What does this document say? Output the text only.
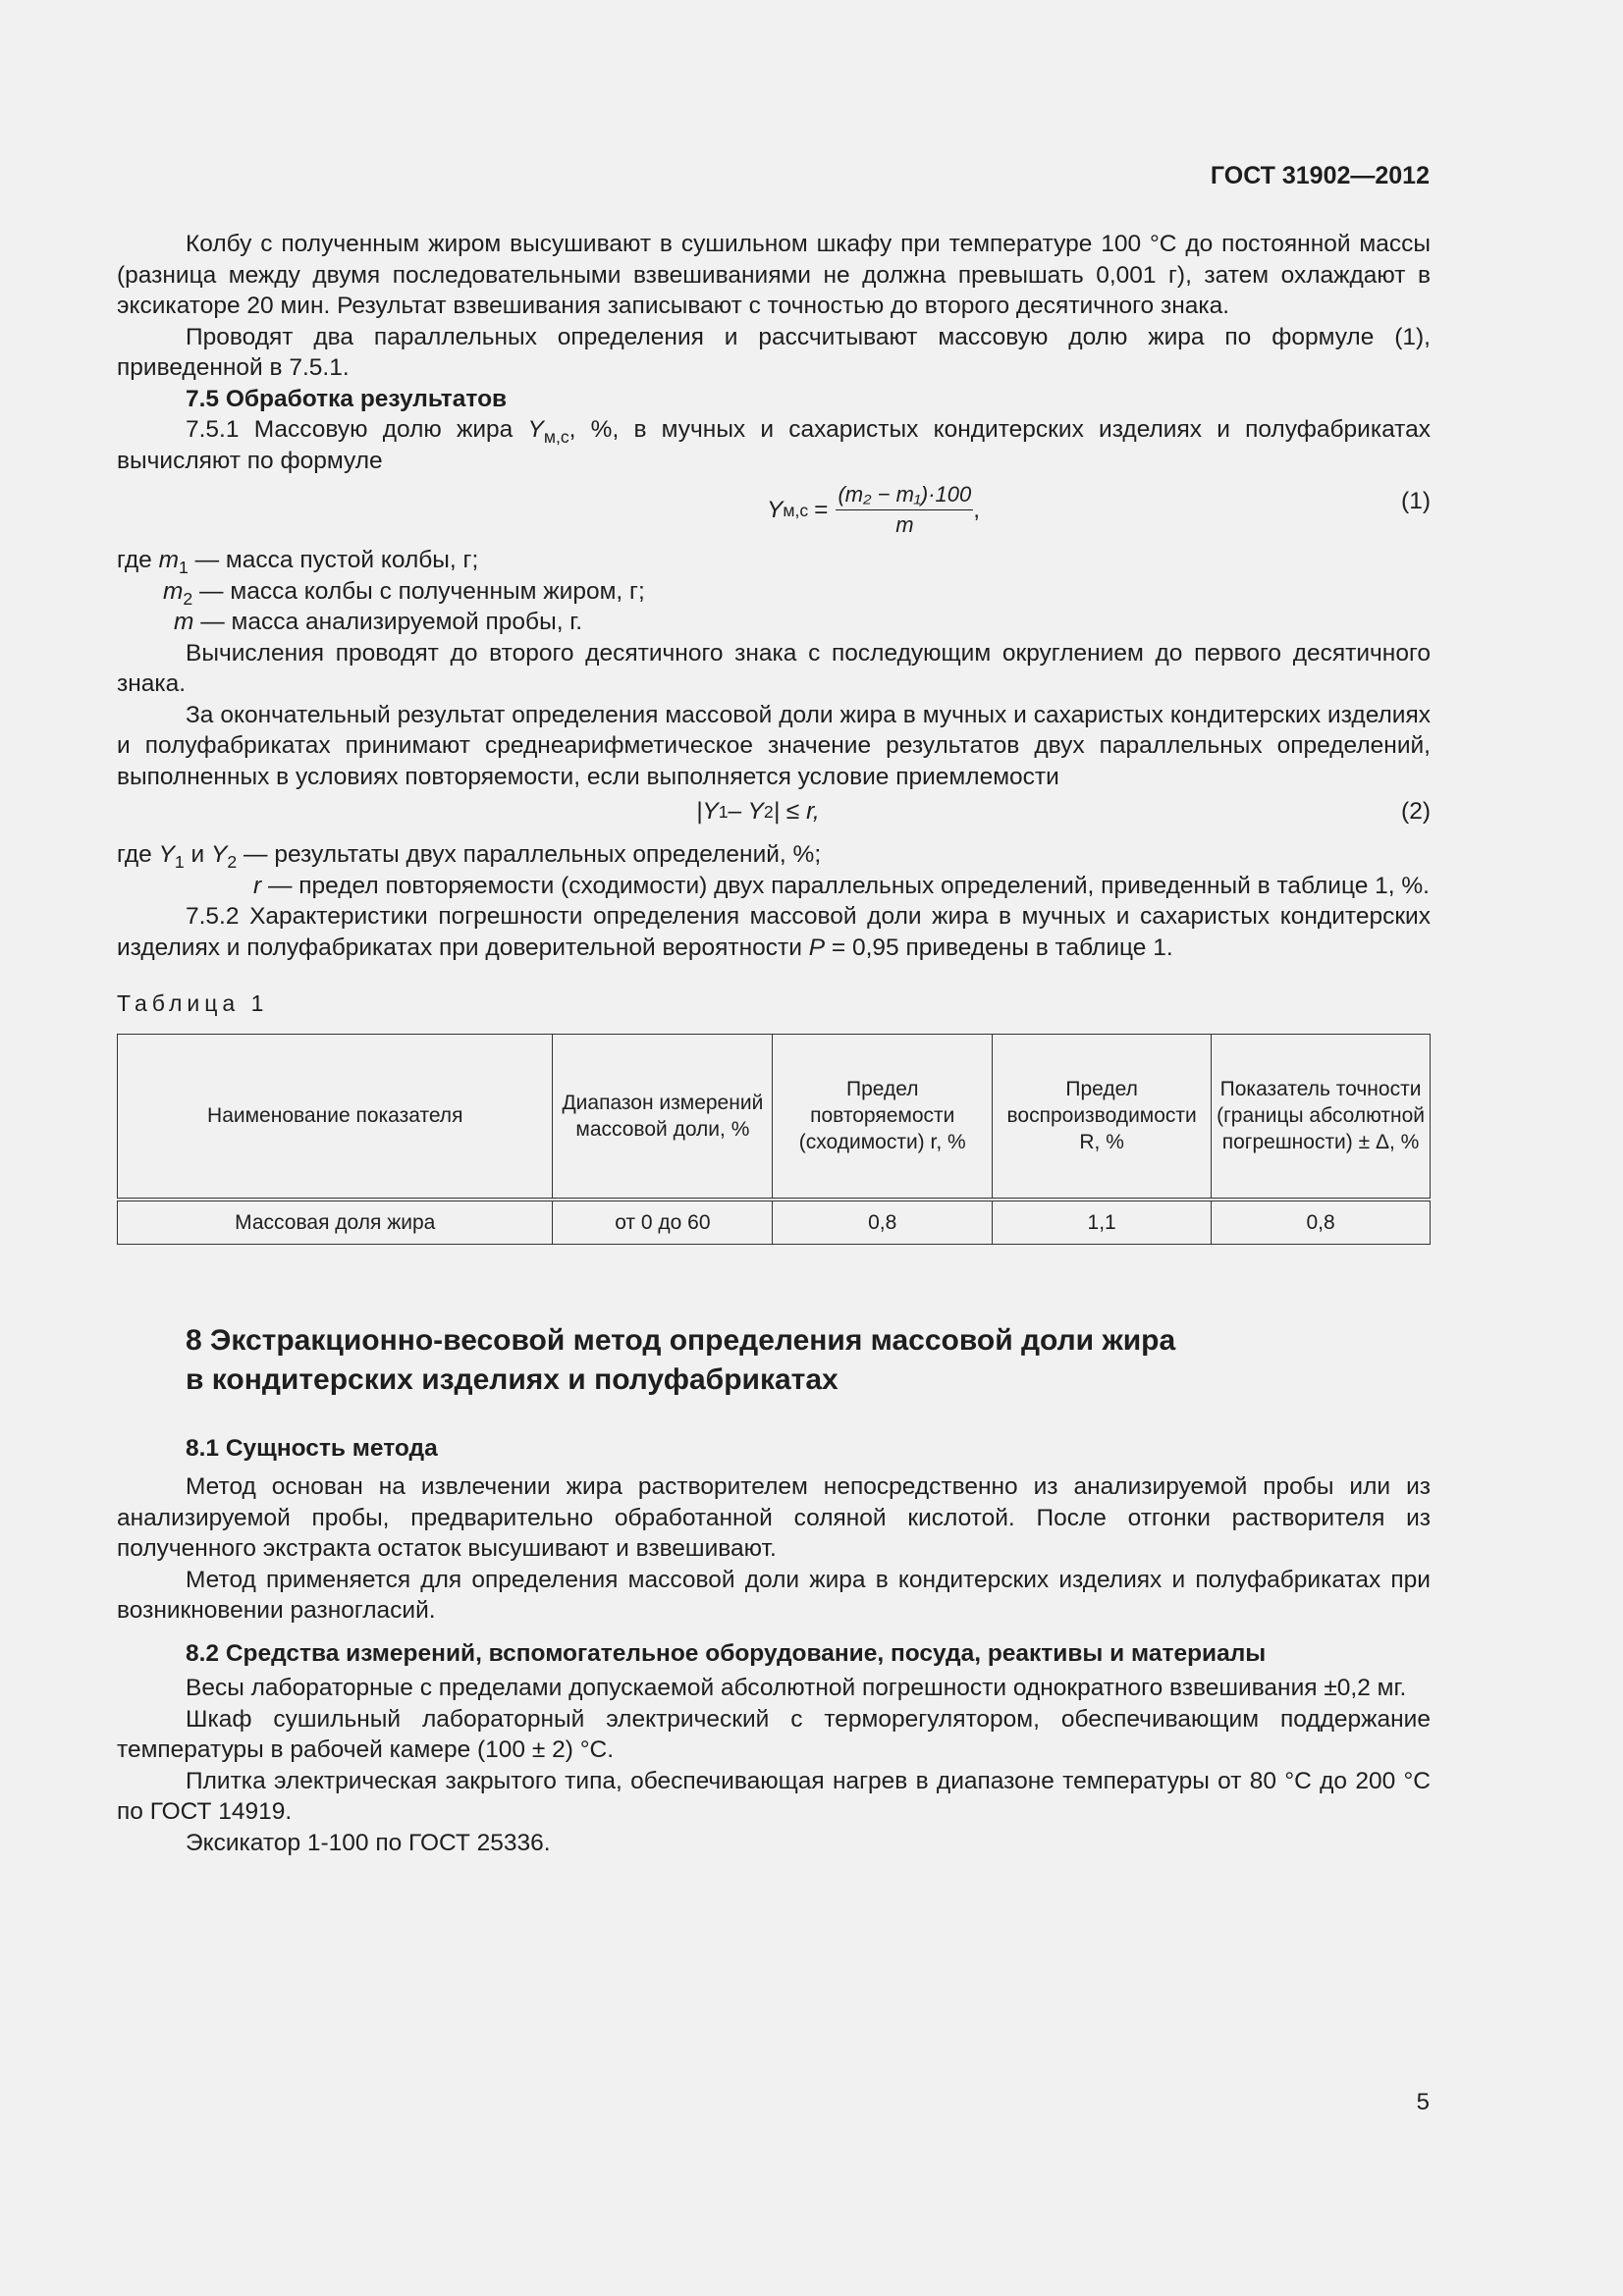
ГОСТ 31902—2012

Колбу с полученным жиром высушивают в сушильном шкафу при температуре 100 °С до постоянной массы (разница между двумя последовательными взвешиваниями не должна превышать 0,001 г), затем охлаждают в эксикаторе 20 мин. Результат взвешивания записывают с точностью до второго десятичного знака.

Проводят два параллельных определения и рассчитывают массовую долю жира по формуле (1), приведенной в 7.5.1.

7.5 Обработка результатов

7.5.1 Массовую долю жира $Y_{м,с}$, %, в мучных и сахаристых кондитерских изделиях и полуфабрикатах вычисляют по формуле

Y $м,с = \frac{\text{(m₂ − m₁)·100}}{m}$ ,	(1)

где $m_1$ — масса пустой колбы, г;

$m_2$ — масса колбы с полученным жиром, г;

m — масса анализируемой пробы, г.

Вычисления проводят до второго десятичного знака с последующим округлением до первого десятичного знака.

За окончательный результат определения массовой доли жира в мучных и сахаристых кондитерских изделиях и полуфабрикатах принимают среднеарифметическое значение результатов двух параллельных определений, выполненных в условиях повторяемости, если выполняется условие приемлемости

|Y 1 – Y 2 | ≤ r,	(2)

где $Y_1$ и $Y_2$ — результаты двух параллельных определений, %;

r — предел повторяемости (сходимости) двух параллельных определений, приведенный в таблице 1, %.

7.5.2 Характеристики погрешности определения массовой доли жира в мучных и сахаристых кондитерских изделиях и полуфабрикатах при доверительной вероятности P = 0,95 приведены в таблице 1.

Таблица 1
Наименование показателя	Диапазон измерений массовой доли, %	Предел повторяемости (сходимости) r, %	Предел воспроизводимости R, %	Показатель точности (границы абсолютной погрешности) ± Δ, %
Массовая доля жира	от 0 до 60	0,8	1,1	0,8
8 Экстракционно-весовой метод определения массовой доли жира
в кондитерских изделиях и полуфабрикатах

8.1 Сущность метода

Метод основан на извлечении жира растворителем непосредственно из анализируемой пробы или из анализируемой пробы, предварительно обработанной соляной кислотой. После отгонки растворителя из полученного экстракта остаток высушивают и взвешивают.

Метод применяется для определения массовой доли жира в кондитерских изделиях и полуфабрикатах при возникновении разногласий.

8.2 Средства измерений, вспомогательное оборудование, посуда, реактивы и материалы

Весы лабораторные с пределами допускаемой абсолютной погрешности однократного взвешивания ±0,2 мг.

Шкаф сушильный лабораторный электрический с терморегулятором, обеспечивающим поддержание температуры в рабочей камере (100 ± 2) °С.

Плитка электрическая закрытого типа, обеспечивающая нагрев в диапазоне температуры от 80 °С до 200 °С по ГОСТ 14919.

Эксикатор 1-100 по ГОСТ 25336.

5
